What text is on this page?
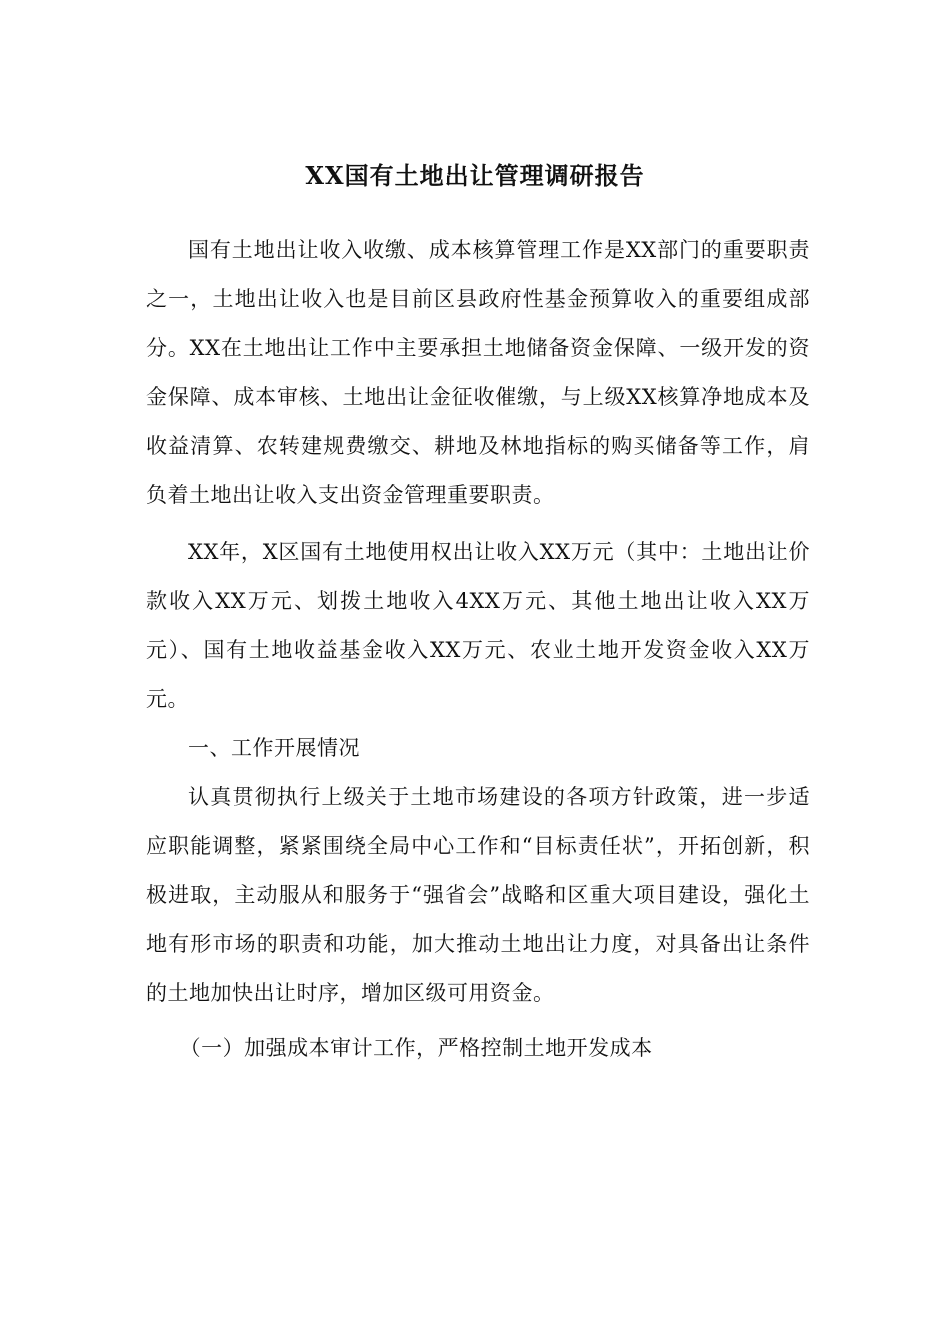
XX国有土地出让管理调研报告

国有土地出让收入收缴、成本核算管理工作是XX部门的重要职责之一，土地出让收入也是目前区县政府性基金预算收入的重要组成部分。XX在土地出让工作中主要承担土地储备资金保障、一级开发的资金保障、成本审核、土地出让金征收催缴，与上级XX核算净地成本及收益清算、农转建规费缴交、耕地及林地指标的购买储备等工作，肩负着土地出让收入支出资金管理重要职责。

XX年，X区国有土地使用权出让收入XX万元（其中：土地出让价款收入XX万元、划拨土地收入4XX万元、其他土地出让收入XX万元）、国有土地收益基金收入XX万元、农业土地开发资金收入XX万元。

一、工作开展情况

认真贯彻执行上级关于土地市场建设的各项方针政策，进一步适应职能调整，紧紧围绕全局中心工作和“目标责任状”，开拓创新，积极进取，主动服从和服务于“强省会”战略和区重大项目建设，强化土地有形市场的职责和功能，加大推动土地出让力度，对具备出让条件的土地加快出让时序，增加区级可用资金。

（一）加强成本审计工作，严格控制土地开发成本
